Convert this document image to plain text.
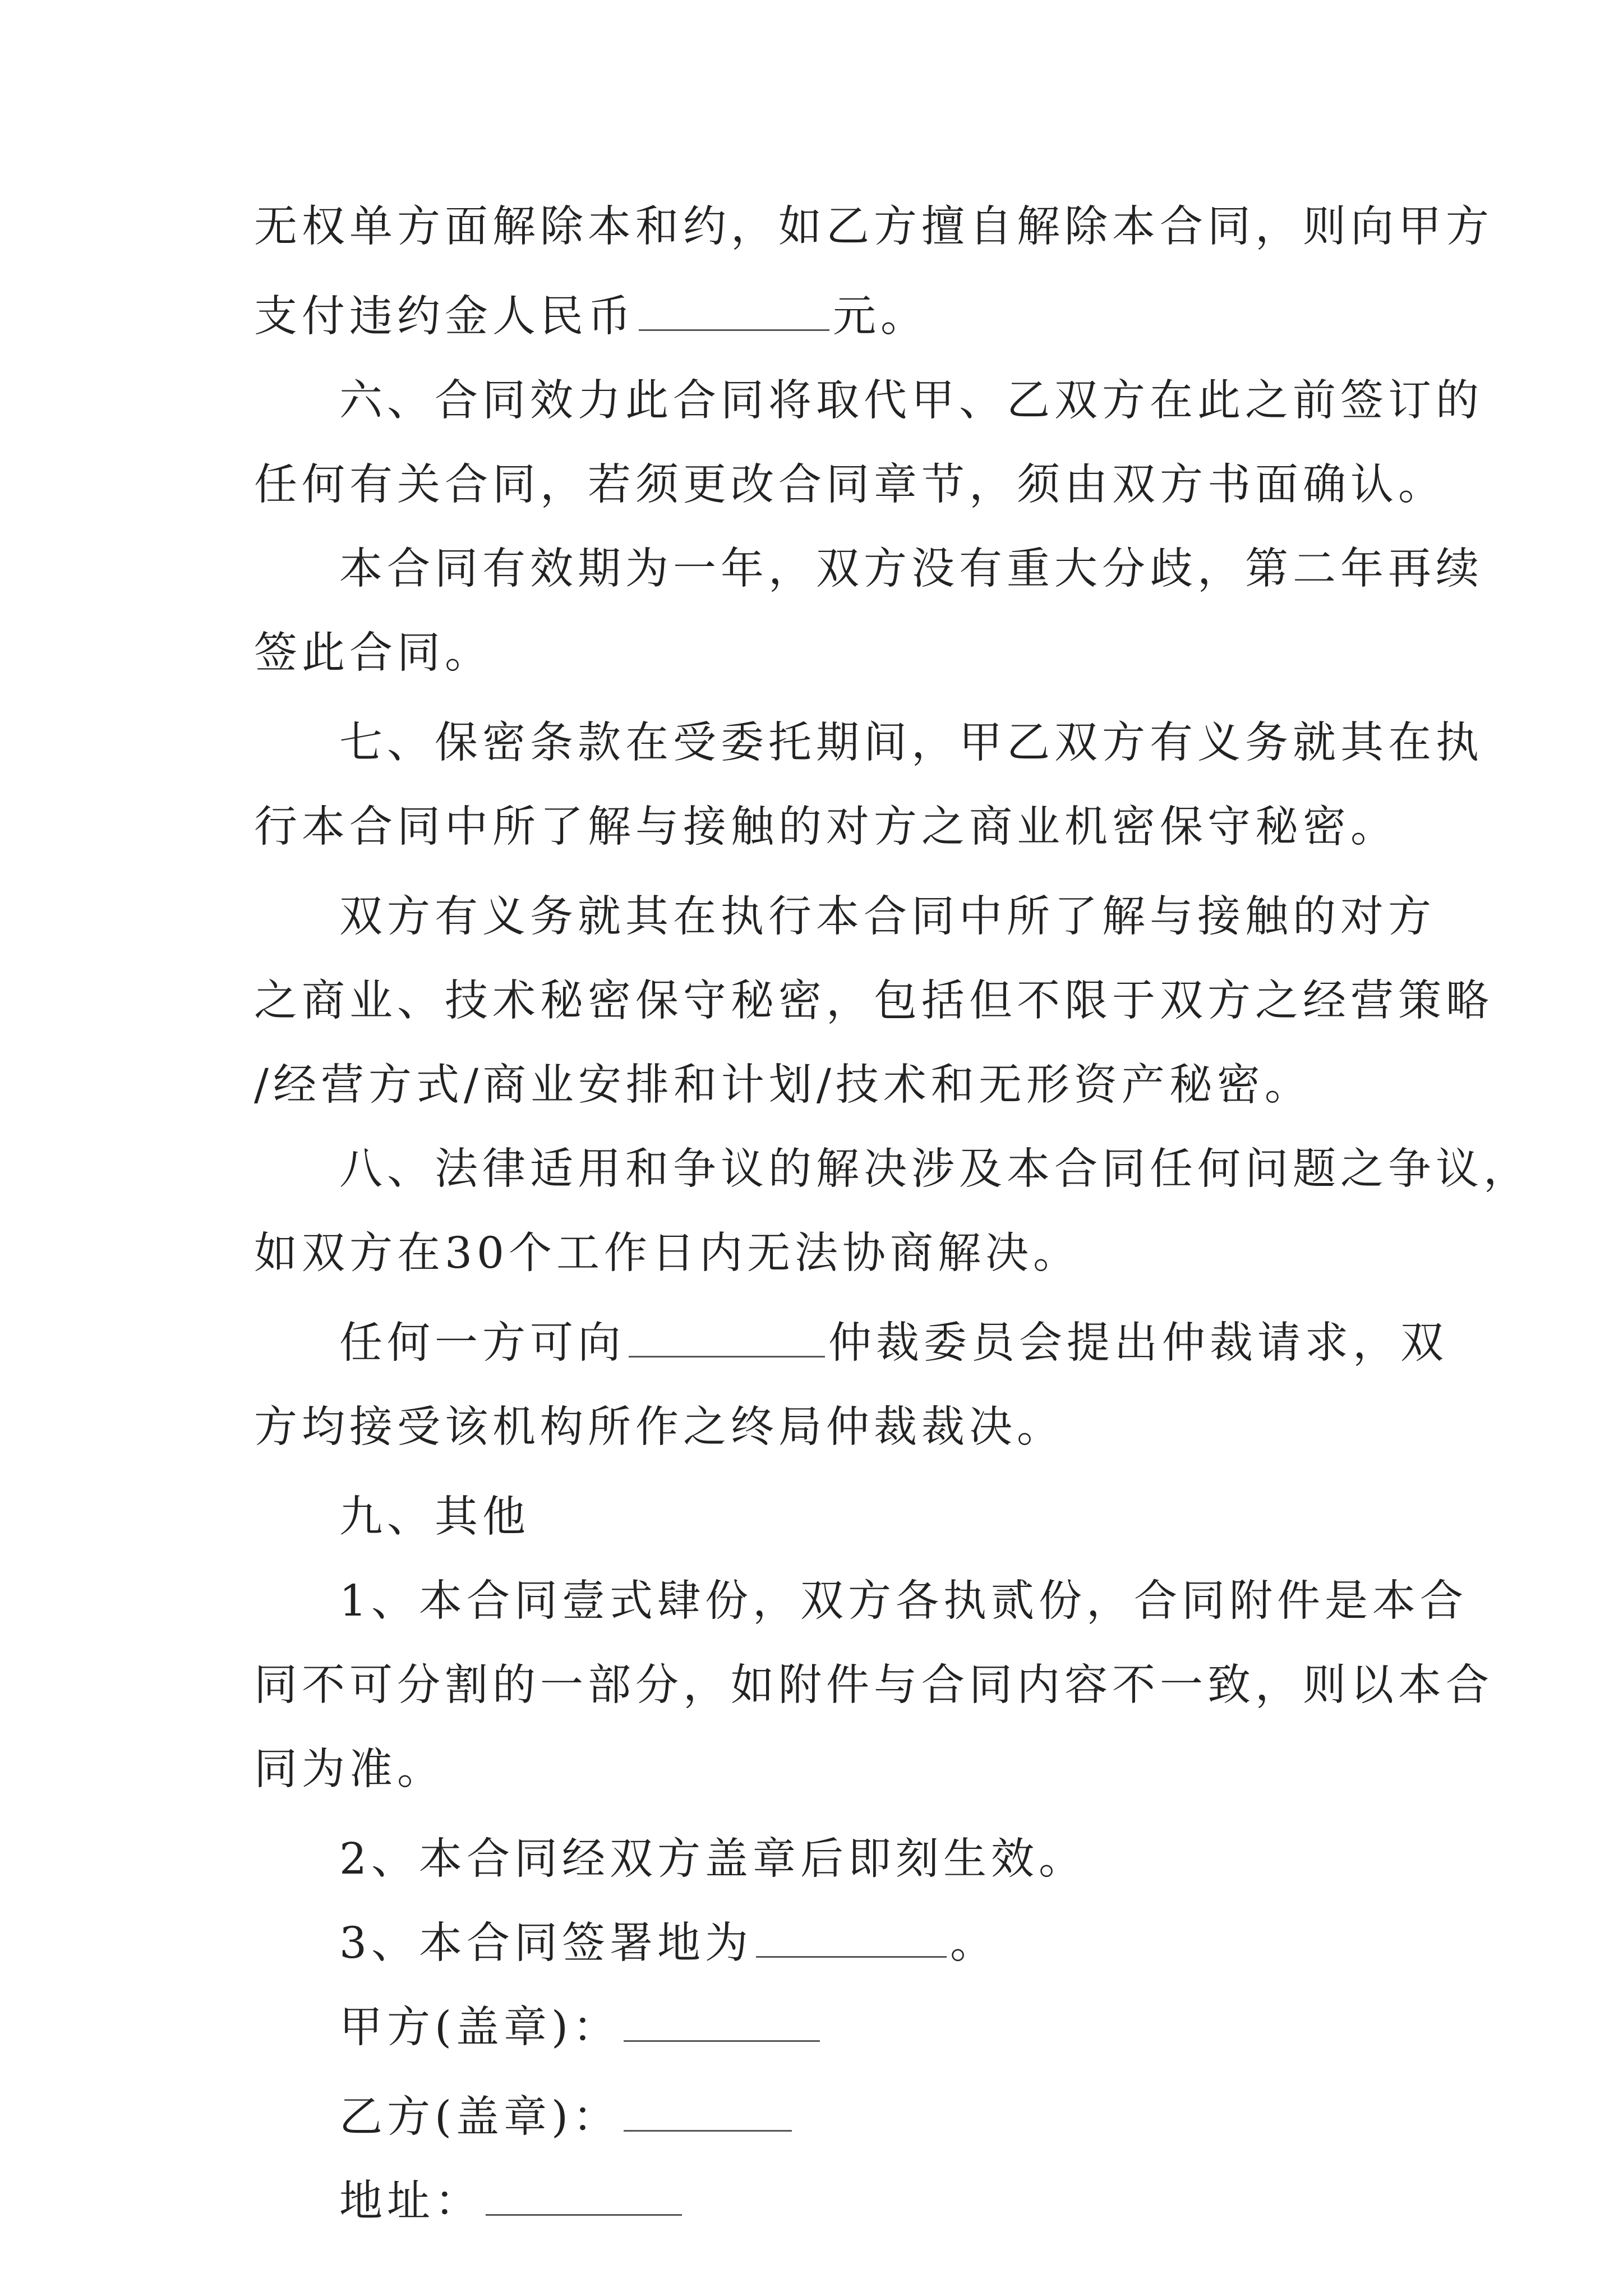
无权单方面解除本和约，如乙方擅自解除本合同，则向甲方
支付违约金人民币	元。
六、合同效力此合同将取代甲、乙双方在此之前签订的
任何有关合同，若须更改合同章节，须由双方书面确认。
本合同有效期为一年，双方没有重大分歧，第二年再续
签此合同。
七、保密条款在受委托期间，甲乙双方有义务就其在执
行本合同中所了解与接触的对方之商业机密保守秘密。
双方有义务就其在执行本合同中所了解与接触的对方
之商业、技术秘密保守秘密，包括但不限于双方之经营策略
/经营方式/商业安排和计划/技术和无形资产秘密。
八、法律适用和争议的解决涉及本合同任何问题之争议，
如双方在30个工作日内无法协商解决。
任何一方可向	仲裁委员会提出仲裁请求，双
方均接受该机构所作之终局仲裁裁决。
九、其他
1、本合同壹式肆份，双方各执贰份，合同附件是本合
同不可分割的一部分，如附件与合同内容不一致，则以本合
同为准。
2、本合同经双方盖章后即刻生效。
3、本合同签署地为	。
甲方(盖章)：
乙方(盖章)：
地址：
